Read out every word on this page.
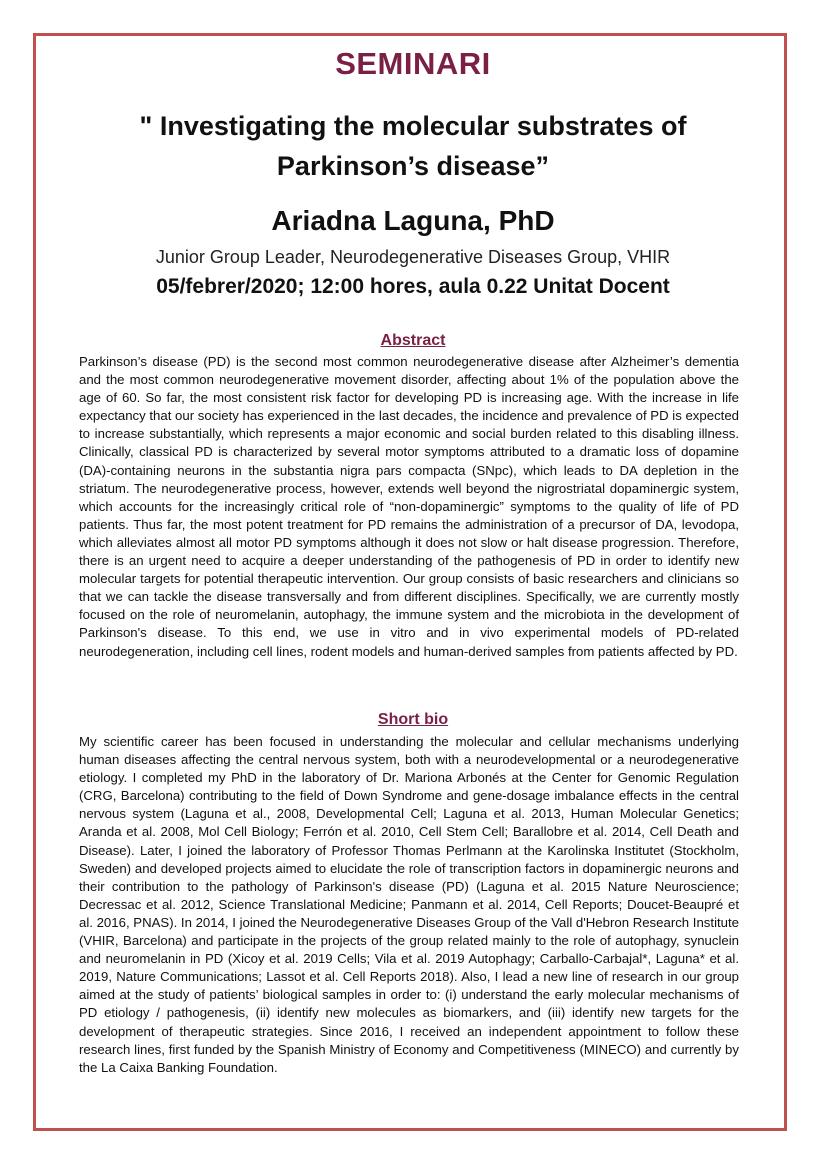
SEMINARI
" Investigating the molecular substrates of
Parkinson’s disease”
Ariadna Laguna, PhD
Junior Group Leader, Neurodegenerative Diseases Group, VHIR
05/febrer/2020; 12:00 hores, aula 0.22 Unitat Docent
Abstract

Parkinson’s disease (PD) is the second most common neurodegenerative disease after Alzheimer’s dementia and the most common neurodegenerative movement disorder, affecting about 1% of the population above the age of 60. So far, the most consistent risk factor for developing PD is increasing age. With the increase in life expectancy that our society has experienced in the last decades, the incidence and prevalence of PD is expected to increase substantially, which represents a major economic and social burden related to this disabling illness. Clinically, classical PD is characterized by several motor symptoms attributed to a dramatic loss of dopamine (DA)-containing neurons in the substantia nigra pars compacta (SNpc), which leads to DA depletion in the striatum. The neurodegenerative process, however, extends well beyond the nigrostriatal dopaminergic system, which accounts for the increasingly critical role of “non-dopaminergic” symptoms to the quality of life of PD patients. Thus far, the most potent treatment for PD remains the administration of a precursor of DA, levodopa, which alleviates almost all motor PD symptoms although it does not slow or halt disease progression. Therefore, there is an urgent need to acquire a deeper understanding of the pathogenesis of PD in order to identify new molecular targets for potential therapeutic intervention. Our group consists of basic researchers and clinicians so that we can tackle the disease transversally and from different disciplines. Specifically, we are currently mostly focused on the role of neuromelanin, autophagy, the immune system and the microbiota in the development of Parkinson's disease. To this end, we use in vitro and in vivo experimental models of PD-related neurodegeneration, including cell lines, rodent models and human-derived samples from patients affected by PD.

Short bio

My scientific career has been focused in understanding the molecular and cellular mechanisms underlying human diseases affecting the central nervous system, both with a neurodevelopmental or a neurodegenerative etiology. I completed my PhD in the laboratory of Dr. Mariona Arbonés at the Center for Genomic Regulation (CRG, Barcelona) contributing to the field of Down Syndrome and gene-dosage imbalance effects in the central nervous system (Laguna et al., 2008, Developmental Cell; Laguna et al. 2013, Human Molecular Genetics; Aranda et al. 2008, Mol Cell Biology; Ferrón et al. 2010, Cell Stem Cell; Barallobre et al. 2014, Cell Death and Disease). Later, I joined the laboratory of Professor Thomas Perlmann at the Karolinska Institutet (Stockholm, Sweden) and developed projects aimed to elucidate the role of transcription factors in dopaminergic neurons and their contribution to the pathology of Parkinson's disease (PD) (Laguna et al. 2015 Nature Neuroscience; Decressac et al. 2012, Science Translational Medicine; Panmann et al. 2014, Cell Reports; Doucet-Beaupré et al. 2016, PNAS). In 2014, I joined the Neurodegenerative Diseases Group of the Vall d'Hebron Research Institute (VHIR, Barcelona) and participate in the projects of the group related mainly to the role of autophagy, synuclein and neuromelanin in PD (Xicoy et al. 2019 Cells; Vila et al. 2019 Autophagy; Carballo-Carbajal*, Laguna* et al. 2019, Nature Communications; Lassot et al. Cell Reports 2018). Also, I lead a new line of research in our group aimed at the study of patients’ biological samples in order to: (i) understand the early molecular mechanisms of PD etiology / pathogenesis, (ii) identify new molecules as biomarkers, and (iii) identify new targets for the development of therapeutic strategies. Since 2016, I received an independent appointment to follow these research lines, first funded by the Spanish Ministry of Economy and Competitiveness (MINECO) and currently by the La Caixa Banking Foundation.
